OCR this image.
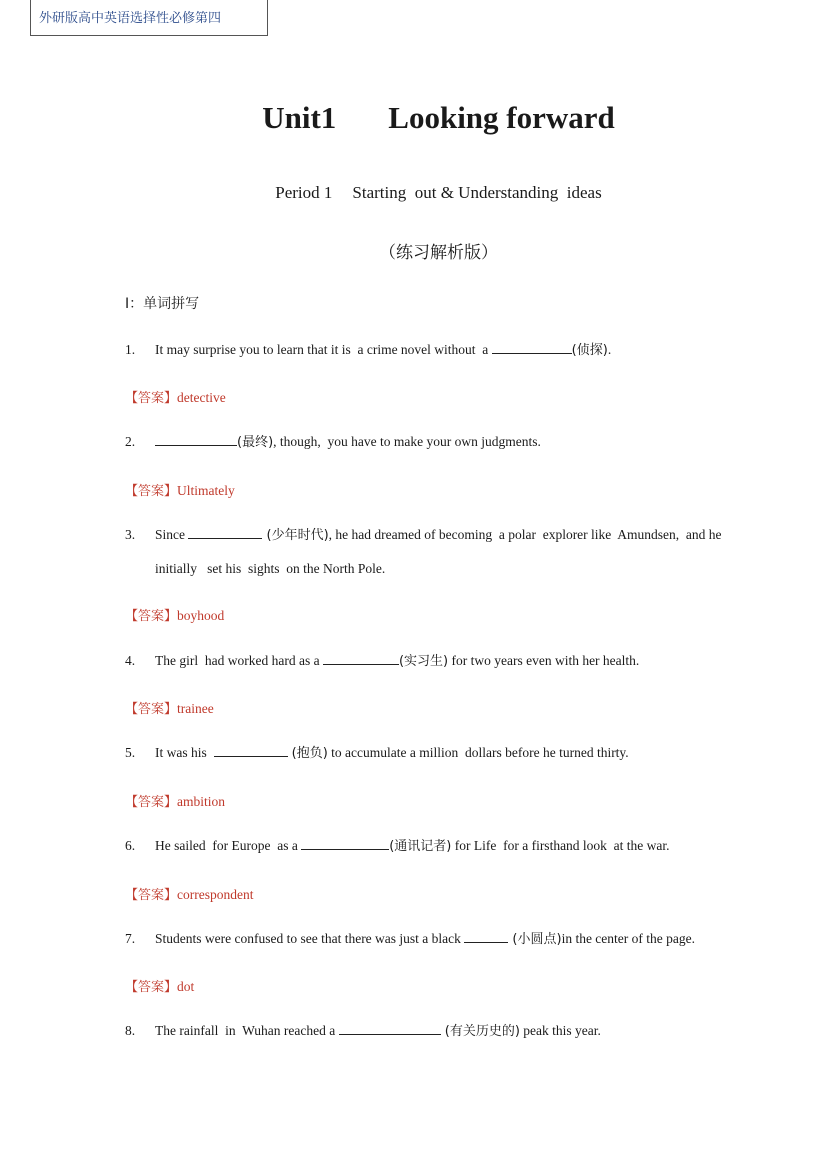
外研版高中英语选择性必修第四
Unit1 Looking forward
Period 1 Starting  out & Understanding  ideas
（练习解析版）
I：单词拼写
1. It may surprise you to learn that it is  a crime novel without  a	(侦探).
【答案】detective
2.	(最终), though,  you have to make your own judgments.
【答案】Ultimately
3. Since	(少年时代), he had dreamed of becoming  a polar  explorer like  Amundsen,  and he
initially   set his  sights  on the North Pole.
【答案】boyhood
4. The girl  had worked hard as a	(实习生) for two years even with her health.
【答案】trainee
5. It was his	(抱负) to accumulate a million  dollars before he turned thirty.
【答案】ambition
6. He sailed  for Europe  as a	(通讯记者) for Life  for a firsthand look  at the war.
【答案】correspondent
7. Students were confused to see that there was just a black	(小圆点)in the center of the page.
【答案】dot
8. The rainfall  in  Wuhan reached a	(有关历史的) peak this year.
